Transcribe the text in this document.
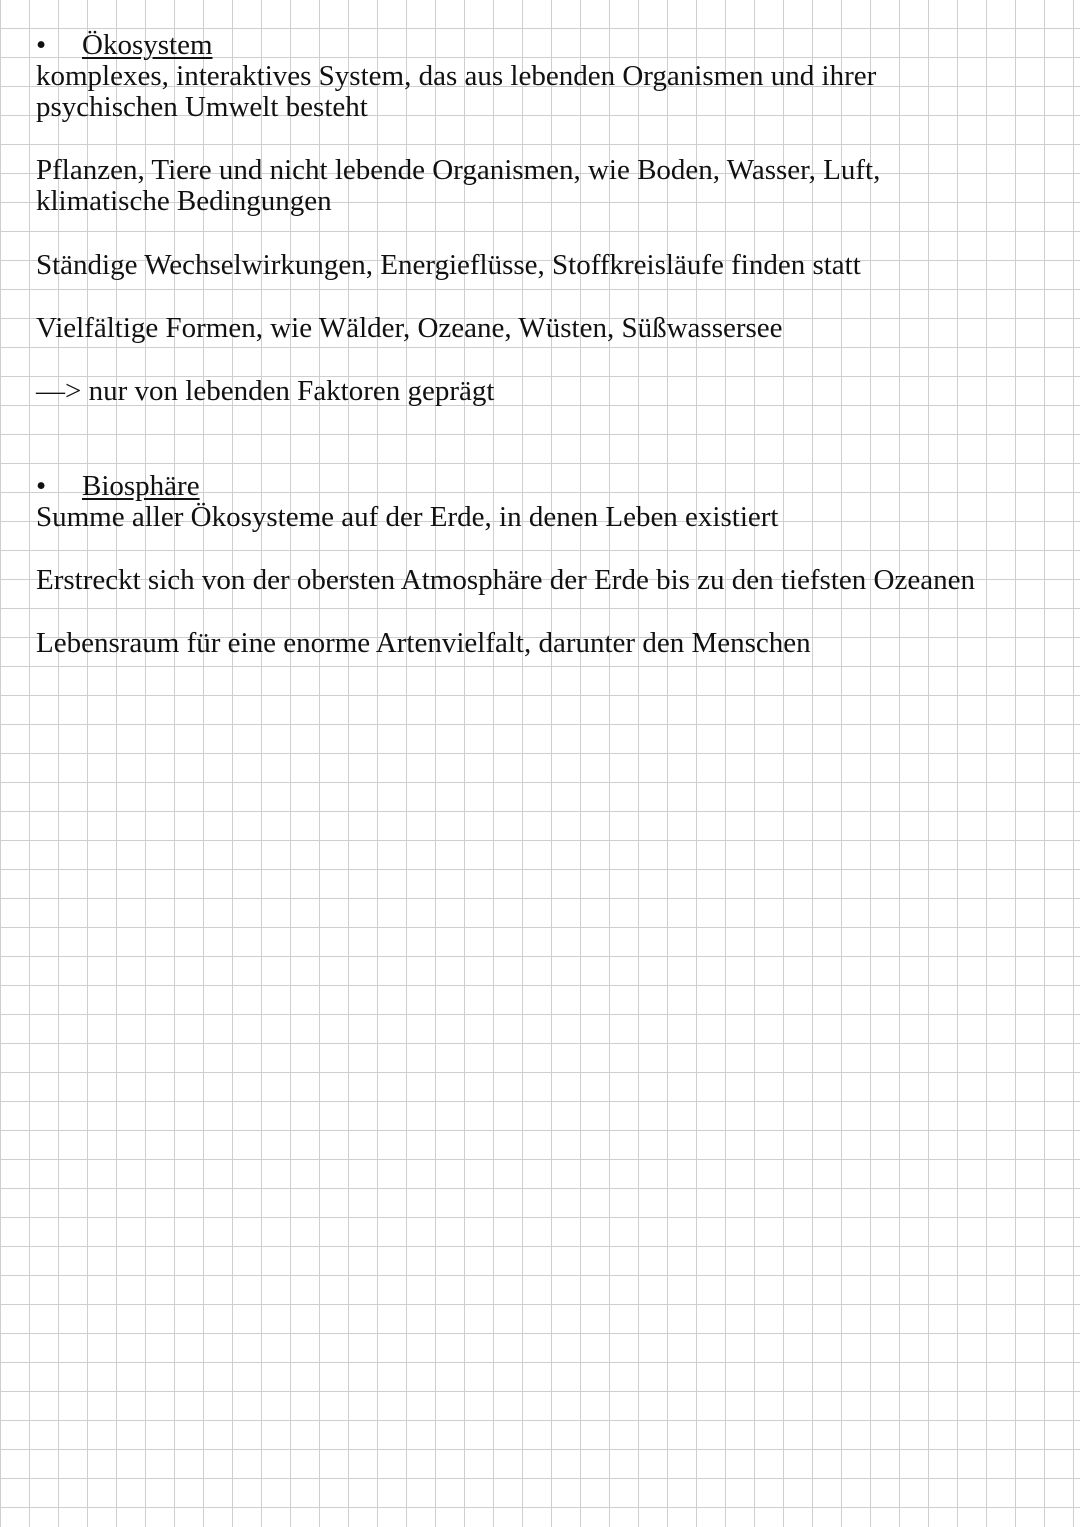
• Ökosystem
komplexes, interaktives System, das aus lebenden Organismen und ihrer
psychischen Umwelt besteht
Pflanzen, Tiere und nicht lebende Organismen, wie Boden, Wasser, Luft,
klimatische Bedingungen
Ständige Wechselwirkungen, Energieflüsse, Stoffkreisläufe finden statt
Vielfältige Formen, wie Wälder, Ozeane, Wüsten, Süßwassersee
—> nur von lebenden Faktoren geprägt
• Biosphäre
Summe aller Ökosysteme auf der Erde, in denen Leben existiert
Erstreckt sich von der obersten Atmosphäre der Erde bis zu den tiefsten Ozeanen
Lebensraum für eine enorme Artenvielfalt, darunter den Menschen
